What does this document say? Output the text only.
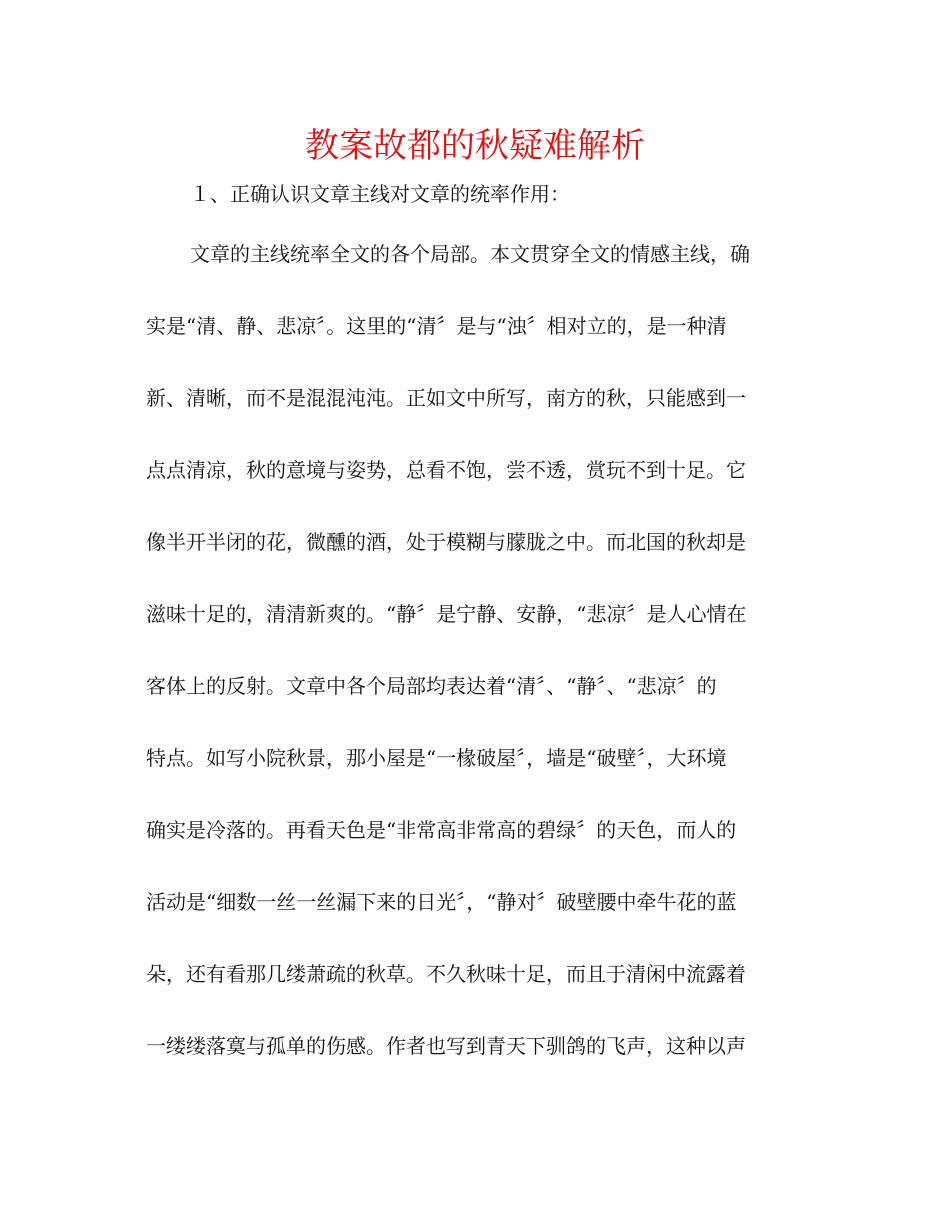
教案故都的秋疑难解析
１、正确认识文章主线对文章的统率作用：
文章的主线统率全文的各个局部。本文贯穿全文的情感主线，确
实是“清、静、悲凉〞。这里的“清〞是与“浊〞相对立的，是一种清
新、清晰，而不是混混沌沌。正如文中所写，南方的秋，只能感到一
点点清凉，秋的意境与姿势，总看不饱，尝不透，赏玩不到十足。它
像半开半闭的花，微醺的酒，处于模糊与朦胧之中。而北国的秋却是
滋味十足的，清清新爽的。“静〞是宁静、安静，“悲凉〞是人心情在
客体上的反射。文章中各个局部均表达着“清〞、“静〞、“悲凉〞的
特点。如写小院秋景，那小屋是“一椽破屋〞，墙是“破壁〞，大环境
确实是冷落的。再看天色是“非常高非常高的碧绿〞的天色，而人的
活动是“细数一丝一丝漏下来的日光〞，“静对〞破壁腰中牵牛花的蓝
朵，还有看那几缕萧疏的秋草。不久秋味十足，而且于清闲中流露着
一缕缕落寞与孤单的伤感。作者也写到青天下驯鸽的飞声，这种以声
